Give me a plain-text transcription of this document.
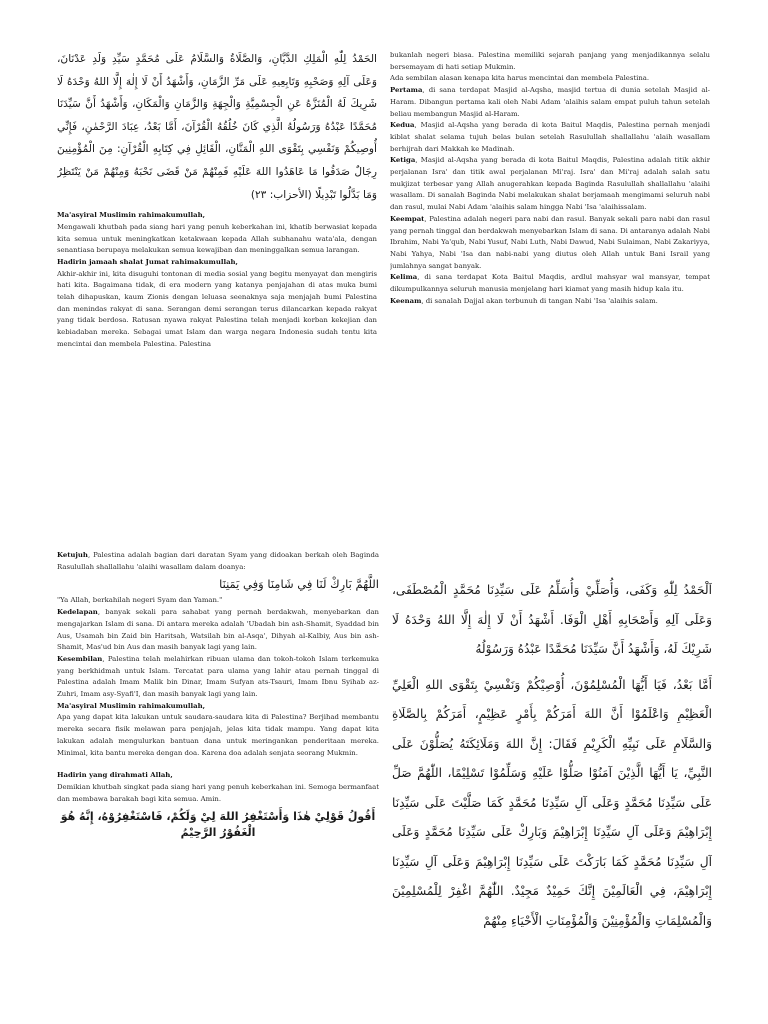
الحَمْدُ لِلّٰهِ الْمَلِكِ الدَّيَّانِ، وَالصَّلَاةُ وَالسَّلَامُ عَلَى مُحَمَّدٍ سَيِّدِ وَلَدِ عَدْنَانَ، وَعَلَى آلِهِ وَصَحْبِهِ وَتَابِعِيهِ عَلَى مَرِّ الزَّمَانِ، وَأَشْهَدُ أَنْ لَا إِلٰهَ إِلَّا اللهُ وَحْدَهُ لَا شَرِيكَ لَهُ الْمُنَزَّهُ عَنِ الْجِسْمِيَّةِ وَالْجِهَةِ وَالزَّمَانِ وَالْمَكَانِ، وَأَشْهَدُ أَنَّ سَيِّدَنَا مُحَمَّدًا عَبْدُهُ وَرَسُولُهُ الَّذِي كَانَ خُلُقُهُ الْقُرْآنَ، أَمَّا بَعْدُ، عِبَادَ الرَّحْمٰنِ، فَإِنِّي أُوصِيكُمْ وَنَفْسِي بِتَقْوَى اللهِ الْمَنَّانِ، الْقَائِلِ فِي كِتَابِهِ الْقُرْآنِ: مِنَ الْمُؤْمِنِينَ رِجَالٌ صَدَقُوا مَا عَاهَدُوا اللهَ عَلَيْهِ فَمِنْهُمْ مَنْ قَضَى نَحْبَهُ وَمِنْهُمْ مَنْ يَنْتَظِرُ وَمَا بَدَّلُوا تَبْدِيلًا (الأحزاب: ٢٣)

Ma'asyiral Muslimin rahimakumullah,

Mengawali khutbah pada siang hari yang penuh keberkahan ini, khatib berwasiat kepada kita semua untuk meningkatkan ketakwaan kepada Allah subhanahu wata'ala, dengan senantiasa berupaya melakukan semua kewajiban dan meninggalkan semua larangan.

Hadirin jamaah shalat Jumat rahimakumullah,

Akhir-akhir ini, kita disuguhi tontonan di media sosial yang begitu menyayat dan mengiris hati kita. Bagaimana tidak, di era modern yang katanya penjajahan di atas muka bumi telah dihapuskan, kaum Zionis dengan leluasa seenaknya saja menjajah bumi Palestina dan menindas rakyat di sana. Serangan demi serangan terus dilancarkan kepada rakyat yang tidak berdosa. Ratusan nyawa rakyat Palestina telah menjadi korban kekejian dan kebiadaban mereka. Sebagai umat Islam dan warga negara Indonesia sudah tentu kita mencintai dan membela Palestina. Palestina

bukanlah negeri biasa. Palestina memiliki sejarah panjang yang menjadikannya selalu bersemayam di hati setiap Mukmin.

Ada sembilan alasan kenapa kita harus mencintai dan membela Palestina.

Pertama, di sana terdapat Masjid al-Aqsha, masjid tertua di dunia setelah Masjid al-Haram. Dibangun pertama kali oleh Nabi Adam 'alaihis salam empat puluh tahun setelah beliau membangun Masjid al-Haram.

Kedua, Masjid al-Aqsha yang berada di kota Baitul Maqdis, Palestina pernah menjadi kiblat shalat selama tujuh belas bulan setelah Rasulullah shallallahu 'alaih wasallam berhijrah dari Makkah ke Madinah.

Ketiga, Masjid al-Aqsha yang berada di kota Baitul Maqdis, Palestina adalah titik akhir perjalanan Isra' dan titik awal perjalanan Mi'raj. Isra' dan Mi'raj adalah salah satu mukjizat terbesar yang Allah anugerahkan kepada Baginda Rasulullah shallallahu 'alaihi wasallam. Di sanalah Baginda Nabi melakukan shalat berjamaah mengimami seluruh nabi dan rasul, mulai Nabi Adam 'alaihis salam hingga Nabi 'Isa 'alaihissalam.

Keempat, Palestina adalah negeri para nabi dan rasul. Banyak sekali para nabi dan rasul yang pernah tinggal dan berdakwah menyebarkan Islam di sana. Di antaranya adalah Nabi Ibrahim, Nabi Ya'qub, Nabi Yusuf, Nabi Luth, Nabi Dawud, Nabi Sulaiman, Nabi Zakariyya, Nabi Yahya, Nabi 'Isa dan nabi-nabi yang diutus oleh Allah untuk Bani Israil yang jumlahnya sangat banyak.

Kelima, di sana terdapat Kota Baitul Maqdis, ardlul mahsyar wal mansyar, tempat dikumpulkannya seluruh manusia menjelang hari kiamat yang masih hidup kala itu.

Keenam, di sanalah Dajjal akan terbunuh di tangan Nabi 'Isa 'alaihis salam.

Ketujuh, Palestina adalah bagian dari daratan Syam yang didoakan berkah oleh Baginda Rasulullah shallallahu 'alaihi wasallam dalam doanya:

اللَّهُمَّ بَارِكْ لَنَا فِي شَامِنَا وَفِي يَمَنِنَا

"Ya Allah, berkahilah negeri Syam dan Yaman."

Kedelapan, banyak sekali para sahabat yang pernah berdakwah, menyebarkan dan mengajarkan Islam di sana. Di antara mereka adalah 'Ubadah bin ash-Shamit, Syaddad bin Aus, Usamah bin Zaid bin Haritsah, Watsilah bin al-Asqa', Dihyah al-Kalbiy, Aus bin ash-Shamit, Mas'ud bin Aus dan masih banyak lagi yang lain.

Kesembilan, Palestina telah melahirkan ribuan ulama dan tokoh-tokoh Islam terkemuka yang berkhidmah untuk Islam. Tercatat para ulama yang lahir atau pernah tinggal di Palestina adalah Imam Malik bin Dinar, Imam Sufyan ats-Tsauri, Imam Ibnu Syihab az-Zuhri, Imam asy-Syafi'I, dan masih banyak lagi yang lain.

Ma'asyiral Muslimin rahimakumullah,

Apa yang dapat kita lakukan untuk saudara-saudara kita di Palestina? Berjihad membantu mereka secara fisik melawan para penjajah, jelas kita tidak mampu. Yang dapat kita lakukan adalah mengulurkan bantuan dana untuk meringankan penderitaan mereka. Minimal, kita bantu mereka dengan doa. Karena doa adalah senjata seorang Mukmin.

Hadirin yang dirahmati Allah,

Demikian khutbah singkat pada siang hari yang penuh keberkahan ini. Semoga bermanfaat dan membawa barakah bagi kita semua. Amin.

أَقُولُ قَوْلِيْ هٰذَا وَأَسْتَغْفِرُ اللهَ لِيْ وَلَكُمْ، فَاسْتَغْفِرُوْهُ، إِنَّهُ هُوَ الْغَفُوْرُ الرَّحِيْمُ

اَلْحَمْدُ لِلّٰهِ وَكَفَى، وَأُصَلِّيْ وَأُسَلِّمُ عَلَى سَيِّدِنَا مُحَمَّدٍ الْمُصْطَفَى، وَعَلَى آلِهِ وَأَصْحَابِهِ أَهْلِ الْوَفَا. أَشْهَدُ أَنْ لَا إِلٰهَ إِلَّا اللهُ وَحْدَهُ لَا شَرِيْكَ لَهُ، وَأَشْهَدُ أَنَّ سَيِّدَنَا مُحَمَّدًا عَبْدُهُ وَرَسُوْلُهُ

أَمَّا بَعْدُ، فَيَا أَيُّهَا الْمُسْلِمُوْنَ، أُوْصِيْكُمْ وَنَفْسِيْ بِتَقْوَى اللهِ الْعَلِيِّ الْعَظِيْمِ وَاعْلَمُوْا أَنَّ اللهَ أَمَرَكُمْ بِأَمْرٍ عَظِيْمٍ، أَمَرَكُمْ بِالصَّلَاةِ وَالسَّلَامِ عَلَى نَبِيِّهِ الْكَرِيْمِ فَقَالَ: إِنَّ اللهَ وَمَلَائِكَتَهُ يُصَلُّوْنَ عَلَى النَّبِيِّ، يَا أَيُّهَا الَّذِيْنَ آمَنُوْا صَلُّوْا عَلَيْهِ وَسَلِّمُوْا تَسْلِيْمًا، اللّٰهُمَّ صَلِّ عَلَى سَيِّدِنَا مُحَمَّدٍ وَعَلَى آلِ سَيِّدِنَا مُحَمَّدٍ كَمَا صَلَّيْتَ عَلَى سَيِّدِنَا إِبْرَاهِيْمَ وَعَلَى آلِ سَيِّدِنَا إِبْرَاهِيْمَ وَبَارِكْ عَلَى سَيِّدِنَا مُحَمَّدٍ وَعَلَى آلِ سَيِّدِنَا مُحَمَّدٍ كَمَا بَارَكْتَ عَلَى سَيِّدِنَا إِبْرَاهِيْمَ وَعَلَى آلِ سَيِّدِنَا إِبْرَاهِيْمَ، فِي الْعَالَمِيْنَ إِنَّكَ حَمِيْدٌ مَجِيْدٌ. اللّٰهُمَّ اغْفِرْ لِلْمُسْلِمِيْنَ وَالْمُسْلِمَاتِ وَالْمُؤْمِنِيْنَ وَالْمُؤْمِنَاتِ الْأَحْيَاءِ مِنْهُمْ
